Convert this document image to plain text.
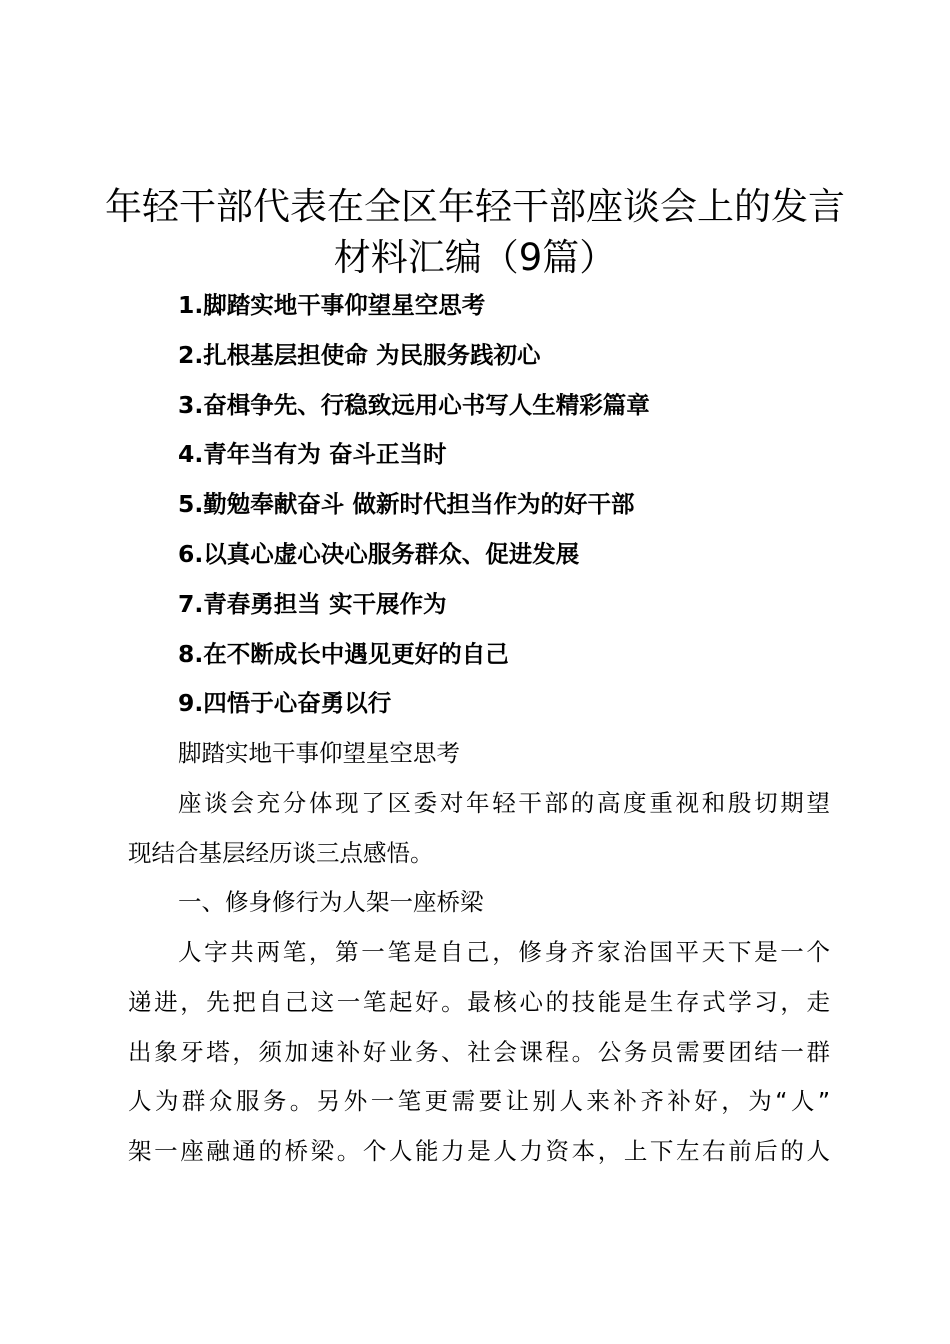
年轻干部代表在全区年轻干部座谈会上的发言
材料汇编（9篇）
1.脚踏实地干事仰望星空思考
2.扎根基层担使命 为民服务践初心
3.奋楫争先、行稳致远用心书写人生精彩篇章
4.青年当有为 奋斗正当时
5.勤勉奉献奋斗 做新时代担当作为的好干部
6.以真心虚心决心服务群众、促进发展
7.青春勇担当 实干展作为
8.在不断成长中遇见更好的自己
9.四悟于心奋勇以行
脚踏实地干事仰望星空思考
座谈会充分体现了区委对年轻干部的高度重视和殷切期望
现结合基层经历谈三点感悟。
一、修身修行为人架一座桥梁
人字共两笔，第一笔是自己，修身齐家治国平天下是一个
递进，先把自己这一笔起好。最核心的技能是生存式学习，走
出象牙塔，须加速补好业务、社会课程。公务员需要团结一群
人为群众服务。另外一笔更需要让别人来补齐补好，为“人”
架一座融通的桥梁。个人能力是人力资本，上下左右前后的人
